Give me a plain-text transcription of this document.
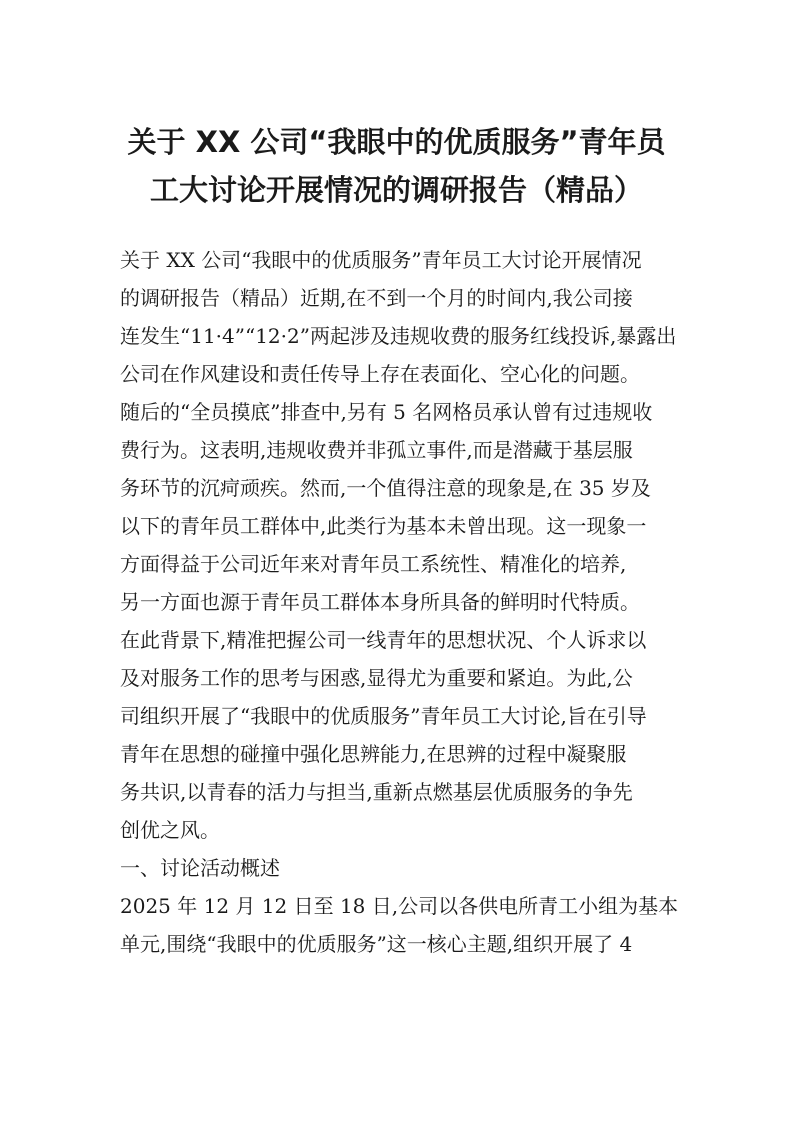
关于 XX 公司“我眼中的优质服务”青年员
工大讨论开展情况的调研报告（精品）

关于 XX 公司“我眼中的优质服务”青年员工大讨论开展情况

的调研报告（精品）近期,在不到一个月的时间内,我公司接

连发生“11·4”“12·2”两起涉及违规收费的服务红线投诉,暴露出

公司在作风建设和责任传导上存在表面化、空心化的问题。

随后的“全员摸底”排查中,另有 5 名网格员承认曾有过违规收

费行为。这表明,违规收费并非孤立事件,而是潜藏于基层服

务环节的沉疴顽疾。然而,一个值得注意的现象是,在 35 岁及

以下的青年员工群体中,此类行为基本未曾出现。这一现象一

方面得益于公司近年来对青年员工系统性、精准化的培养,

另一方面也源于青年员工群体本身所具备的鲜明时代特质。

在此背景下,精准把握公司一线青年的思想状况、个人诉求以

及对服务工作的思考与困惑,显得尤为重要和紧迫。为此,公

司组织开展了“我眼中的优质服务”青年员工大讨论,旨在引导

青年在思想的碰撞中强化思辨能力,在思辨的过程中凝聚服

务共识,以青春的活力与担当,重新点燃基层优质服务的争先

创优之风。

一、讨论活动概述

2025 年 12 月 12 日至 18 日,公司以各供电所青工小组为基本

单元,围绕“我眼中的优质服务”这一核心主题,组织开展了 4
